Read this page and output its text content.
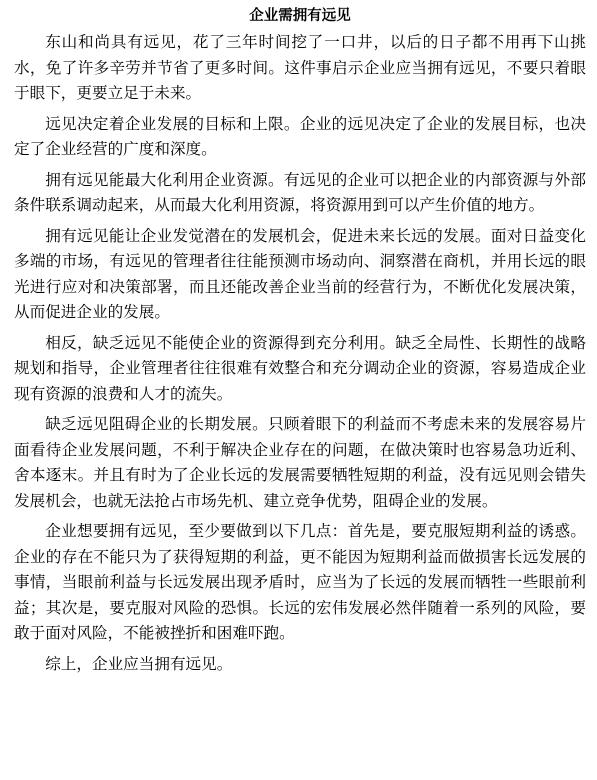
企业需拥有远见

东山和尚具有远见，花了三年时间挖了一口井，以后的日子都不用再下山挑水，免了许多辛劳并节省了更多时间。这件事启示企业应当拥有远见，不要只着眼于眼下，更要立足于未来。

远见决定着企业发展的目标和上限。企业的远见决定了企业的发展目标，也决定了企业经营的广度和深度。

拥有远见能最大化利用企业资源。有远见的企业可以把企业的内部资源与外部条件联系调动起来，从而最大化利用资源，将资源用到可以产生价值的地方。

拥有远见能让企业发觉潜在的发展机会，促进未来长远的发展。面对日益变化多端的市场，有远见的管理者往往能预测市场动向、洞察潜在商机，并用长远的眼光进行应对和决策部署，而且还能改善企业当前的经营行为，不断优化发展决策，从而促进企业的发展。

相反，缺乏远见不能使企业的资源得到充分利用。缺乏全局性、长期性的战略规划和指导，企业管理者往往很难有效整合和充分调动企业的资源，容易造成企业现有资源的浪费和人才的流失。

缺乏远见阻碍企业的长期发展。只顾着眼下的利益而不考虑未来的发展容易片面看待企业发展问题，不利于解决企业存在的问题，在做决策时也容易急功近利、舍本逐末。并且有时为了企业长远的发展需要牺牲短期的利益，没有远见则会错失发展机会，也就无法抢占市场先机、建立竞争优势，阻碍企业的发展。

企业想要拥有远见，至少要做到以下几点：首先是，要克服短期利益的诱惑。企业的存在不能只为了获得短期的利益，更不能因为短期利益而做损害长远发展的事情，当眼前利益与长远发展出现矛盾时，应当为了长远的发展而牺牲一些眼前利益；其次是，要克服对风险的恐惧。长远的宏伟发展必然伴随着一系列的风险，要敢于面对风险，不能被挫折和困难吓跑。

综上，企业应当拥有远见。
